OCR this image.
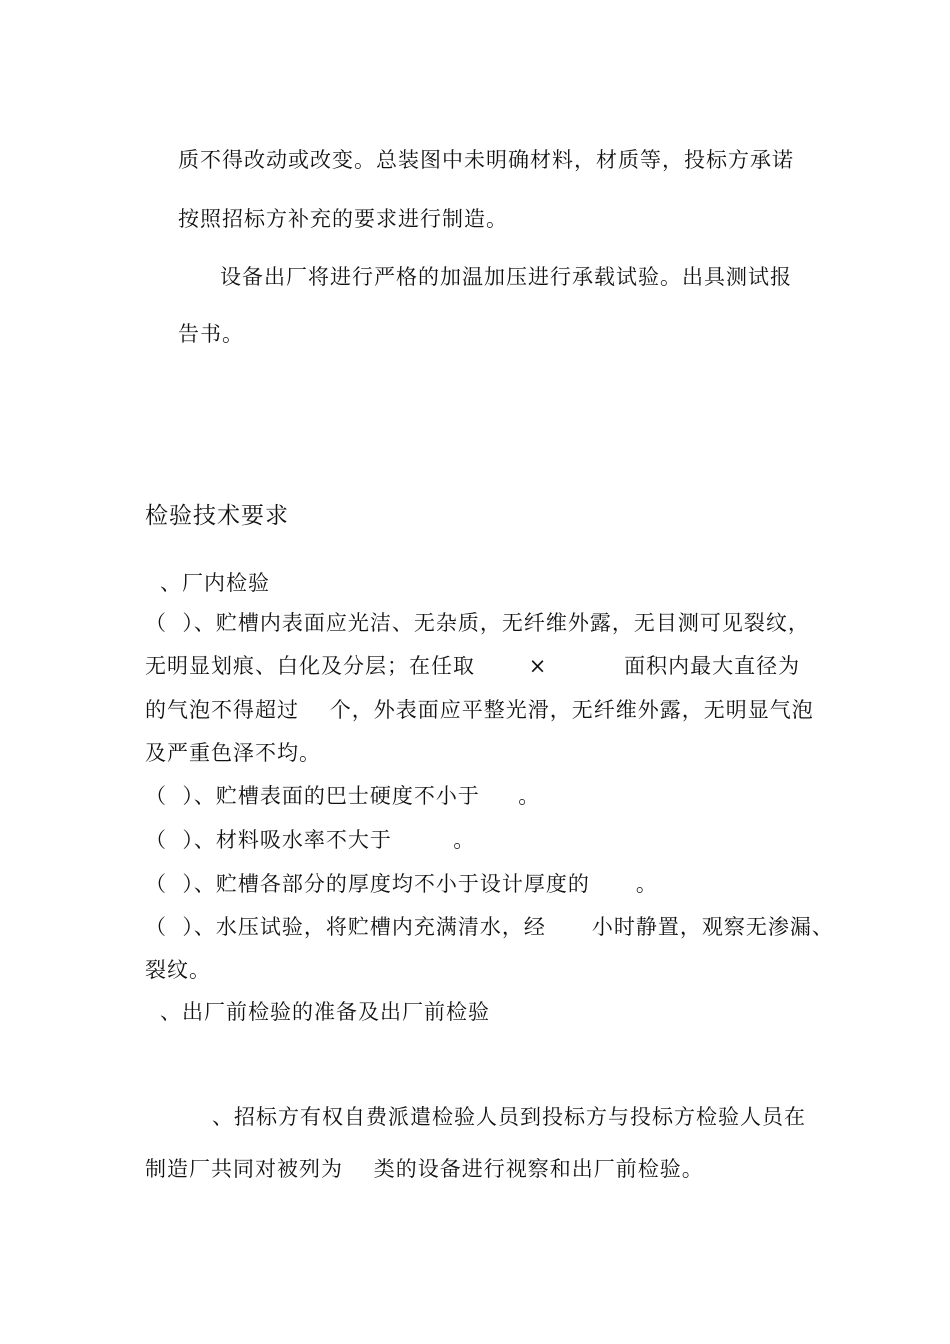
质不得改动或改变。总装图中未明确材料，材质等，投标方承诺
按照招标方补充的要求进行制造。
设备出厂将进行严格的加温加压进行承载试验。出具测试报
告书。
检验技术要求
、厂内检验
（  ）、贮槽内表面应光洁、无杂质，无纤维外露，无目测可见裂纹，
无明显划痕、白化及分层；在任取       ×          面积内最大直径为
的气泡不得超过    个，外表面应平整光滑，无纤维外露，无明显气泡
及严重色泽不均。
（  ）、贮槽表面的巴士硬度不小于     。
（  ）、材料吸水率不大于        。
（  ）、贮槽各部分的厚度均不小于设计厚度的      。
（  ）、水压试验，将贮槽内充满清水，经      小时静置，观察无渗漏、
裂纹。
、出厂前检验的准备及出厂前检验
、招标方有权自费派遣检验人员到投标方与投标方检验人员在
制造厂共同对被列为    类的设备进行视察和出厂前检验。
